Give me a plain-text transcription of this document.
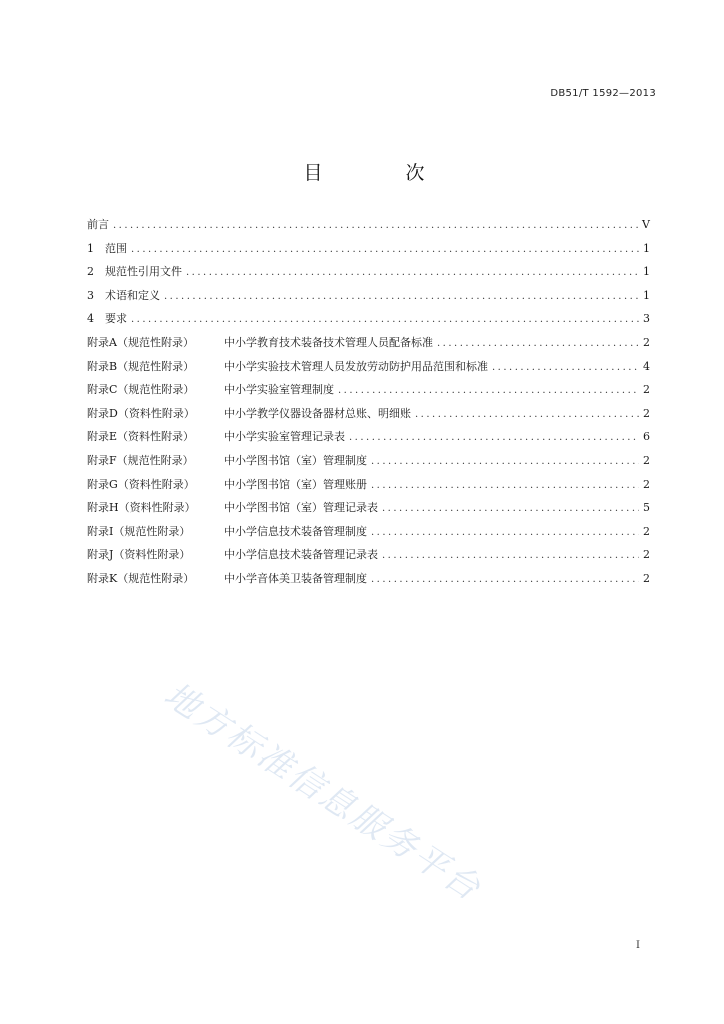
DB51/T 1592—2013
目　次
前言 .....	V
1　范围 .....	1
2　规范性引用文件 .....	1
3　术语和定义 .....	1
4　要求 .....	3
附录A（规范性附录）	中小学教育技术装备技术管理人员配备标准 .....	2
附录B（规范性附录）	中小学实验技术管理人员发放劳动防护用品范围和标准 .....	4
附录C（规范性附录）	中小学实验室管理制度 .....	2
附录D（资料性附录）	中小学教学仪器设备器材总账、明细账 .....	2
附录E（资料性附录）	中小学实验室管理记录表 .....	6
附录F（规范性附录）	中小学图书馆（室）管理制度 .....	2
附录G（资料性附录）	中小学图书馆（室）管理账册 .....	2
附录H（资料性附录）	中小学图书馆（室）管理记录表 .....	5
附录I（规范性附录）	中小学信息技术装备管理制度 .....	2
附录J（资料性附录）	中小学信息技术装备管理记录表 .....	2
附录K（规范性附录）	中小学音体美卫装备管理制度 .....	2
地方标准信息服务平台
I
